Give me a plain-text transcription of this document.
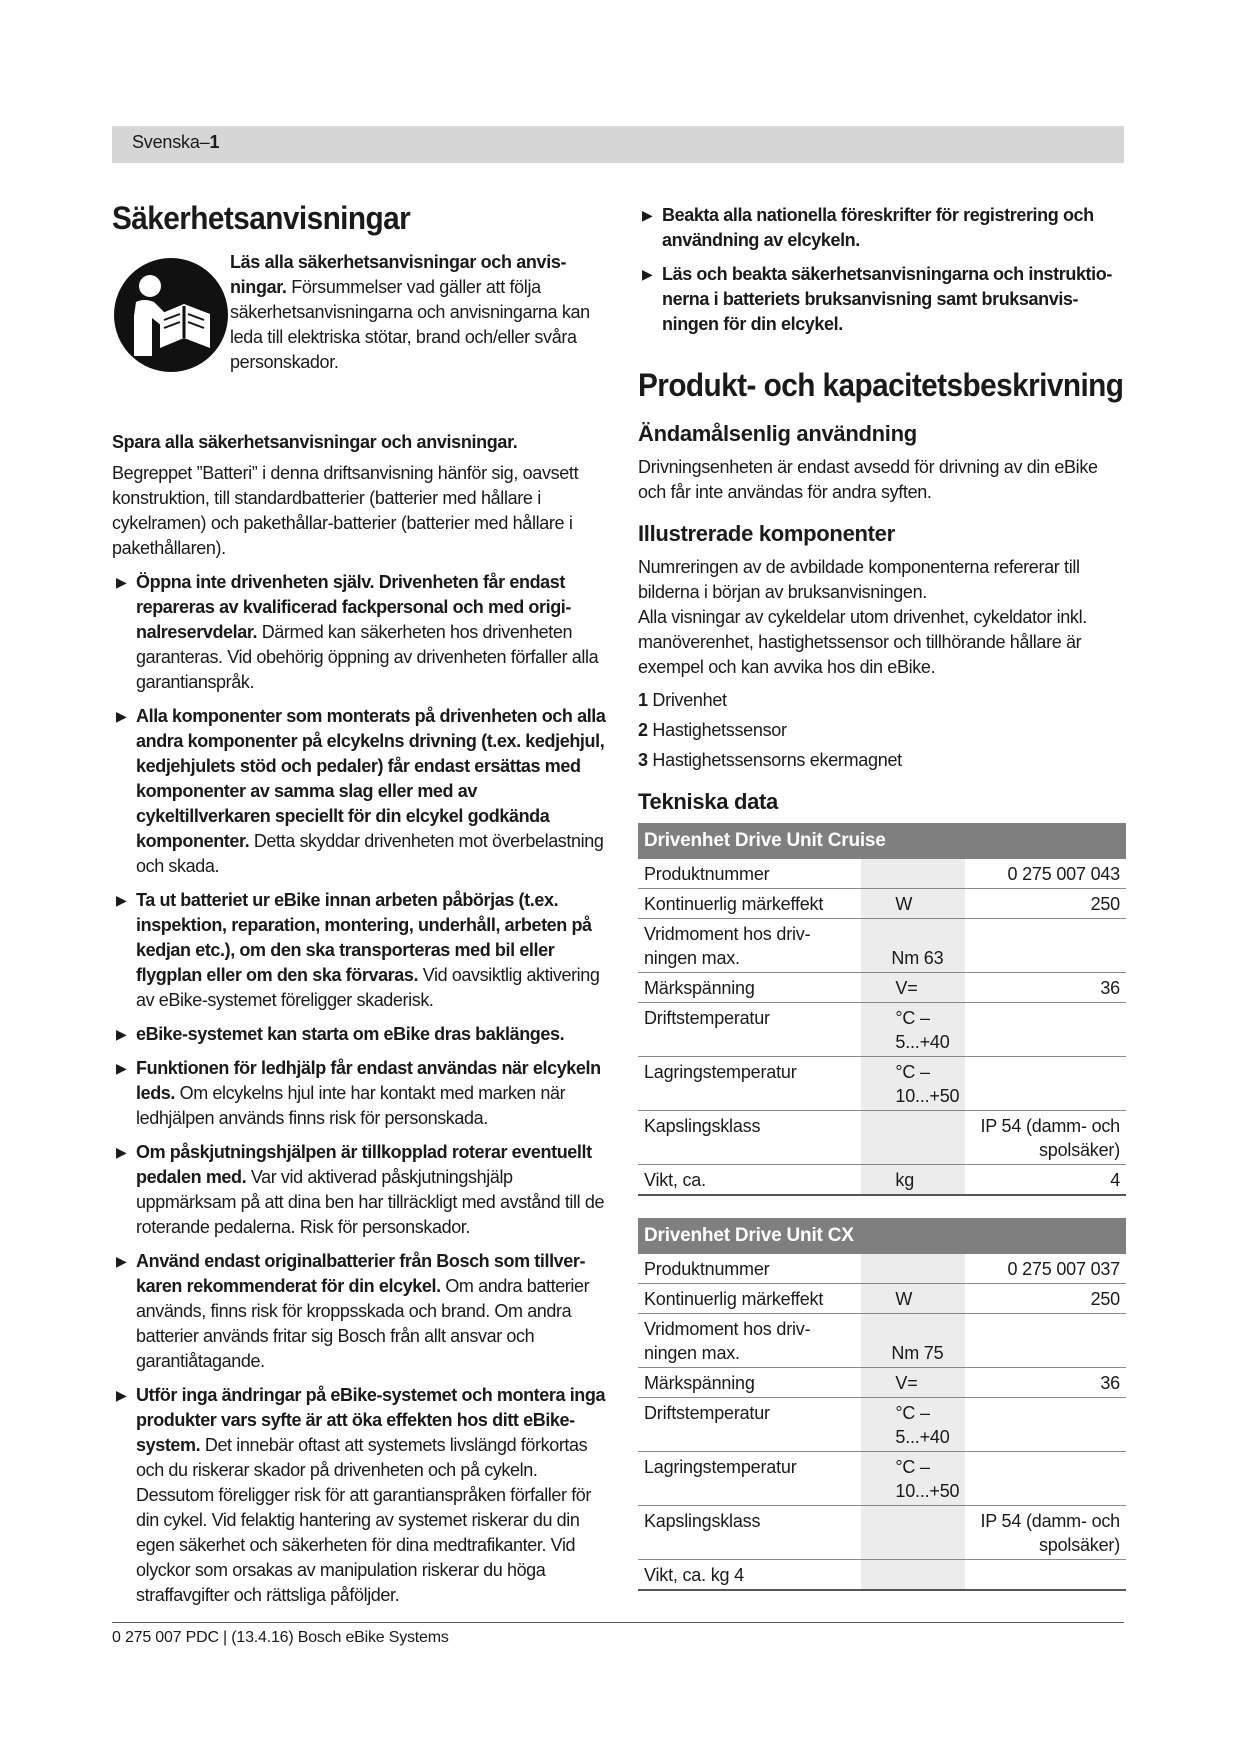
Svenska–1
Säkerhetsanvisningar
Läs alla säkerhetsanvisningar och anvisningar. Försummelser vad gäller att följa säkerhetsanvisningarna och anvisningarna kan leda till elektriska stötar, brand och/eller svåra personskador.

Spara alla säkerhetsanvisningar och anvisningar.

Begreppet ”Batteri” i denna driftsanvisning hänför sig, oavsett konstruktion, till standardbatterier (batterier med hållare i cykelramen) och pakethållar-batterier (batterier med hållare i pakethållaren).

▶ Öppna inte drivenheten själv. Drivenheten får endast repareras av kvalificerad fackpersonal och med originalreservdelar. Därmed kan säkerheten hos drivenheten garanteras. Vid obehörig öppning av drivenheten förfaller alla garantianspråk.
▶ Alla komponenter som monterats på drivenheten och alla andra komponenter på elcykelns drivning (t.ex. kedjehjul, kedjehjulets stöd och pedaler) får endast ersättas med komponenter av samma slag eller med av cykeltillverkaren speciellt för din elcykel godkända komponenter. Detta skyddar drivenheten mot överbelastning och skada.
▶ Ta ut batteriet ur eBike innan arbeten påbörjas (t.ex. inspektion, reparation, montering, underhåll, arbeten på kedjan etc.), om den ska transporteras med bil eller flygplan eller om den ska förvaras. Vid oavsiktlig aktivering av eBike-systemet föreligger skaderisk.
▶ eBike-systemet kan starta om eBike dras baklänges.
▶ Funktionen för ledhjälp får endast användas när elcykeln leds. Om elcykelns hjul inte har kontakt med marken när ledhjälpen används finns risk för personskada.
▶ Om påskjutningshjälpen är tillkopplad roterar eventuellt pedalen med. Var vid aktiverad påskjutningshjälp uppmärksam på att dina ben har tillräckligt med avstånd till de roterande pedalerna. Risk för personskador.
▶ Använd endast originalbatterier från Bosch som tillverkaren rekommenderat för din elcykel. Om andra batterier används, finns risk för kroppsskada och brand. Om andra batterier används fritar sig Bosch från allt ansvar och garantiåtagande.
▶ Utför inga ändringar på eBike-systemet och montera inga produkter vars syfte är att öka effekten hos ditt eBike-system. Det innebär oftast att systemets livslängd förkortas och du riskerar skador på drivenheten och på cykeln. Dessutom föreligger risk för att garantianspråken förfaller för din cykel. Vid felaktig hantering av systemet riskerar du din egen säkerhet och säkerheten för dina medtrafikanter. Vid olyckor som orsakas av manipulation riskerar du höga straffavgifter och rättsliga påföljder.
▶ Beakta alla nationella föreskrifter för registrering och användning av elcykeln.
▶ Läs och beakta säkerhetsanvisningarna och instruktionerna i batteriets bruksanvisning samt bruksanvisningen för din elcykel.
Produkt- och kapacitetsbeskrivning
Ändamålsenlig användning

Drivningsenheten är endast avsedd för drivning av din eBike och får inte användas för andra syften.

Illustrerade komponenter

Numreringen av de avbildade komponenterna refererar till bilderna i början av bruksanvisningen.

Alla visningar av cykeldelar utom drivenhet, cykeldator inkl. manöverenhet, hastighetssensor och tillhörande hållare är exempel och kan avvika hos din eBike.

1 Drivenhet
2 Hastighetssensor
3 Hastighetssensorns ekermagnet
Tekniska data
Drivenhet Drive Unit Cruise		
Produktnummer		0 275 007 043
Kontinuerlig märkeffekt	W	250
Vridmoment hos drivningen max.	Nm 63	
Märkspänning	V=	36
Driftstemperatur	°C –5...+40	
Lagringstemperatur	°C –10...+50	
Kapslingsklass		IP 54 (damm- och spolsäker)
Vikt, ca.	kg	4
Drivenhet Drive Unit CX		
Produktnummer		0 275 007 037
Kontinuerlig märkeffekt	W	250
Vridmoment hos drivningen max.	Nm 75	
Märkspänning	V=	36
Driftstemperatur	°C –5...+40	
Lagringstemperatur	°C –10...+50	
Kapslingsklass		IP 54 (damm- och spolsäker)
Vikt, ca. kg 4		
0 275 007 PDC | (13.4.16) Bosch eBike Systems
